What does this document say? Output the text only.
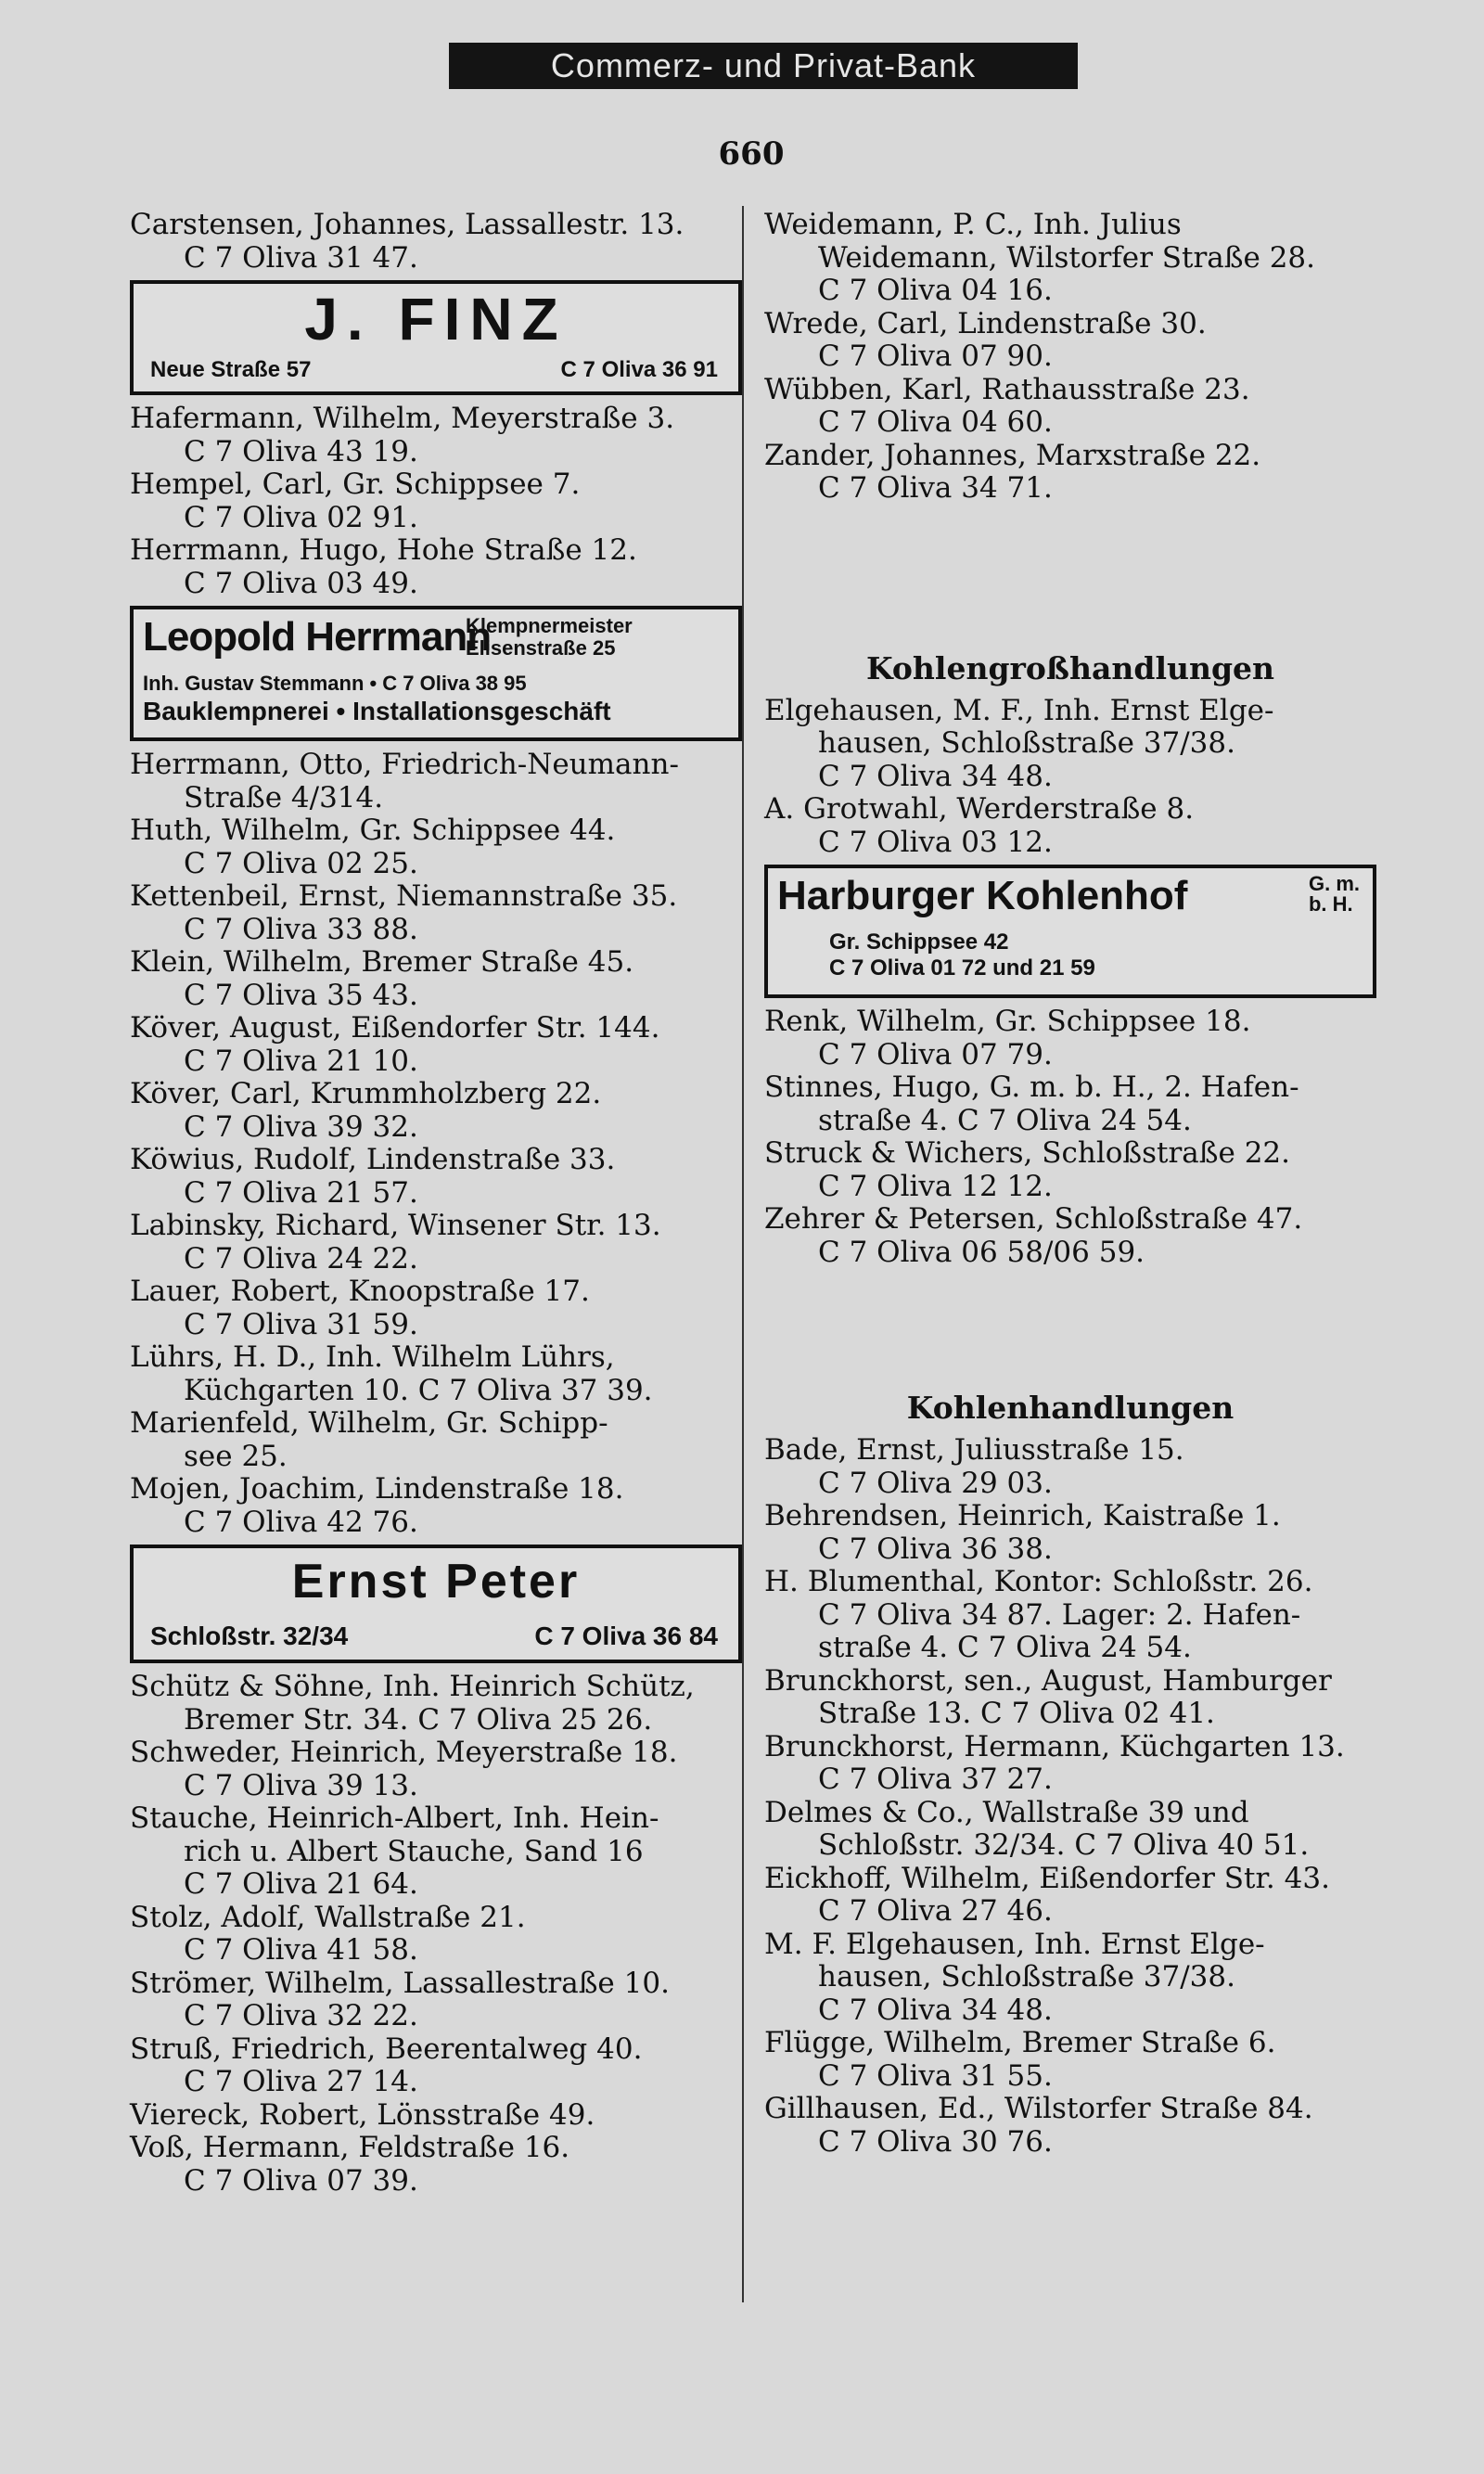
Commerz- und Privat-Bank
660
Carstensen, Johannes, Lassallestr. 13.
C 7 Oliva 31 47.
J. FINZ
Neue Straße 57	C 7 Oliva 36 91
Hafermann, Wilhelm, Meyerstraße 3.
C 7 Oliva 43 19.
Hempel, Carl, Gr. Schippsee 7.
C 7 Oliva 02 91.
Herrmann, Hugo, Hohe Straße 12.
C 7 Oliva 03 49.
Leopold Herrmann
Klempnermeister
Elisenstraße 25
Inh. Gustav Stemmann • C 7 Oliva 38 95
Bauklempnerei • Installationsgeschäft
Herrmann, Otto, Friedrich-Neumann-
Straße 4/314.
Huth, Wilhelm, Gr. Schippsee 44.
C 7 Oliva 02 25.
Kettenbeil, Ernst, Niemannstraße 35.
C 7 Oliva 33 88.
Klein, Wilhelm, Bremer Straße 45.
C 7 Oliva 35 43.
Köver, August, Eißendorfer Str. 144.
C 7 Oliva 21 10.
Köver, Carl, Krummholzberg 22.
C 7 Oliva 39 32.
Köwius, Rudolf, Lindenstraße 33.
C 7 Oliva 21 57.
Labinsky, Richard, Winsener Str. 13.
C 7 Oliva 24 22.
Lauer, Robert, Knoopstraße 17.
C 7 Oliva 31 59.
Lührs, H. D., Inh. Wilhelm Lührs,
Küchgarten 10. C 7 Oliva 37 39.
Marienfeld, Wilhelm, Gr. Schipp-
see 25.
Mojen, Joachim, Lindenstraße 18.
C 7 Oliva 42 76.
Ernst Peter
Schloßstr. 32/34	C 7 Oliva 36 84
Schütz & Söhne, Inh. Heinrich Schütz,
Bremer Str. 34. C 7 Oliva 25 26.
Schweder, Heinrich, Meyerstraße 18.
C 7 Oliva 39 13.
Stauche, Heinrich-Albert, Inh. Hein-
rich u. Albert Stauche, Sand 16
C 7 Oliva 21 64.
Stolz, Adolf, Wallstraße 21.
C 7 Oliva 41 58.
Strömer, Wilhelm, Lassallestraße 10.
C 7 Oliva 32 22.
Struß, Friedrich, Beerentalweg 40.
C 7 Oliva 27 14.
Viereck, Robert, Lönsstraße 49.
Voß, Hermann, Feldstraße 16.
C 7 Oliva 07 39.
Weidemann, P. C., Inh. Julius
Weidemann, Wilstorfer Straße 28.
C 7 Oliva 04 16.
Wrede, Carl, Lindenstraße 30.
C 7 Oliva 07 90.
Wübben, Karl, Rathausstraße 23.
C 7 Oliva 04 60.
Zander, Johannes, Marxstraße 22.
C 7 Oliva 34 71.
Kohlengroßhandlungen
Elgehausen, M. F., Inh. Ernst Elge-
hausen, Schloßstraße 37/38.
C 7 Oliva 34 48.
A. Grotwahl, Werderstraße 8.
C 7 Oliva 03 12.
Harburger Kohlenhof	G. m.
b. H.
Gr. Schippsee 42
C 7 Oliva 01 72 und 21 59
Renk, Wilhelm, Gr. Schippsee 18.
C 7 Oliva 07 79.
Stinnes, Hugo, G. m. b. H., 2. Hafen-
straße 4. C 7 Oliva 24 54.
Struck & Wichers, Schloßstraße 22.
C 7 Oliva 12 12.
Zehrer & Petersen, Schloßstraße 47.
C 7 Oliva 06 58/06 59.
Kohlenhandlungen
Bade, Ernst, Juliusstraße 15.
C 7 Oliva 29 03.
Behrendsen, Heinrich, Kaistraße 1.
C 7 Oliva 36 38.
H. Blumenthal, Kontor: Schloßstr. 26.
C 7 Oliva 34 87. Lager: 2. Hafen-
straße 4. C 7 Oliva 24 54.
Brunckhorst, sen., August, Hamburger
Straße 13. C 7 Oliva 02 41.
Brunckhorst, Hermann, Küchgarten 13.
C 7 Oliva 37 27.
Delmes & Co., Wallstraße 39 und
Schloßstr. 32/34. C 7 Oliva 40 51.
Eickhoff, Wilhelm, Eißendorfer Str. 43.
C 7 Oliva 27 46.
M. F. Elgehausen, Inh. Ernst Elge-
hausen, Schloßstraße 37/38.
C 7 Oliva 34 48.
Flügge, Wilhelm, Bremer Straße 6.
C 7 Oliva 31 55.
Gillhausen, Ed., Wilstorfer Straße 84.
C 7 Oliva 30 76.
